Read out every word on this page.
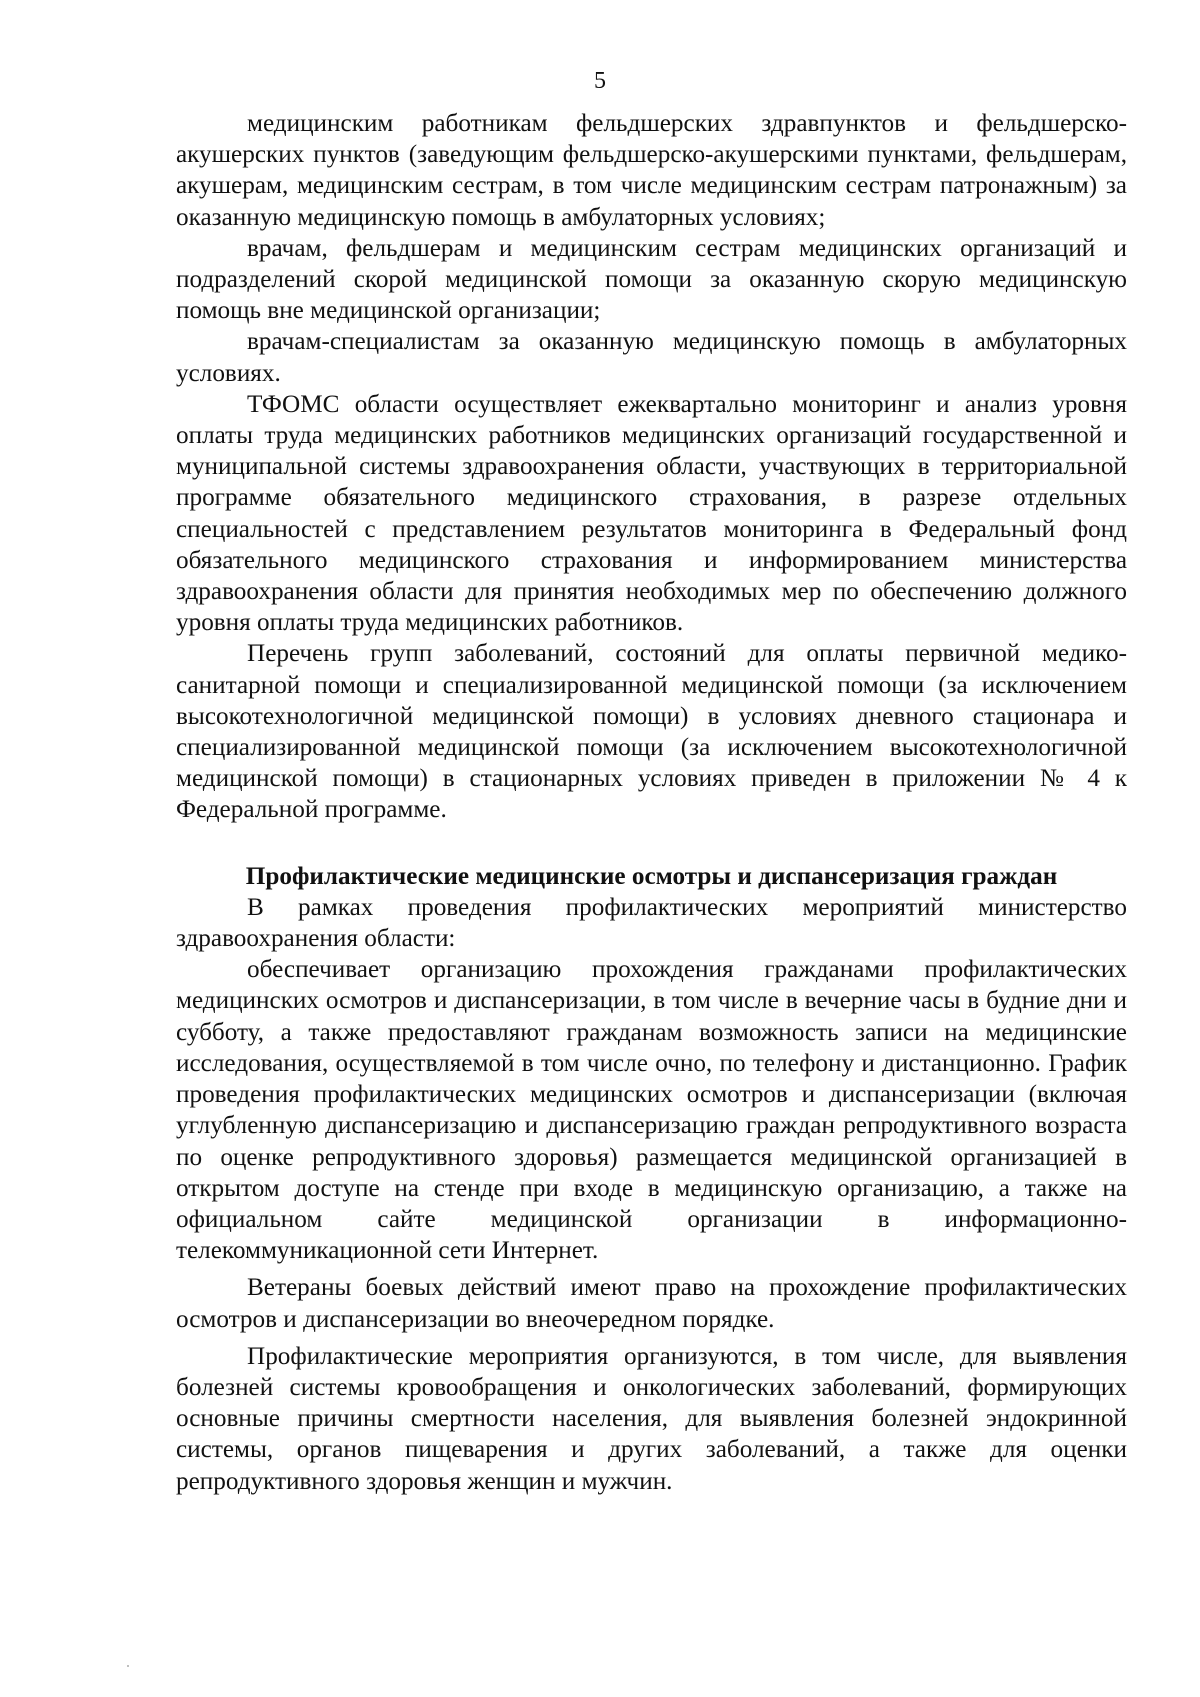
5

медицинским работникам фельдшерских здравпунктов и фельдшерско-акушерских пунктов (заведующим фельдшерско-акушерскими пунктами, фельдшерам, акушерам, медицинским сестрам, в том числе медицинским сестрам патронажным) за оказанную медицинскую помощь в амбулаторных условиях;

врачам, фельдшерам и медицинским сестрам медицинских организаций и подразделений скорой медицинской помощи за оказанную скорую медицинскую помощь вне медицинской организации;

врачам-специалистам за оказанную медицинскую помощь в амбулаторных условиях.

ТФОМС области осуществляет ежеквартально мониторинг и анализ уровня оплаты труда медицинских работников медицинских организаций государственной и муниципальной системы здравоохранения области, участвующих в территориальной программе обязательного медицинского страхования, в разрезе отдельных специальностей с представлением результатов мониторинга в Федеральный фонд обязательного медицинского страхования и информированием министерства здравоохранения области для принятия необходимых мер по обеспечению должного уровня оплаты труда медицинских работников.

Перечень групп заболеваний, состояний для оплаты первичной медико-санитарной помощи и специализированной медицинской помощи (за исключением высокотехнологичной медицинской помощи) в условиях дневного стационара и специализированной медицинской помощи (за исключением высокотехнологичной медицинской помощи) в стационарных условиях приведен в приложении № 4 к Федеральной программе.

Профилактические медицинские осмотры и диспансеризация граждан

В рамках проведения профилактических мероприятий министерство здравоохранения области:

обеспечивает организацию прохождения гражданами профилактических медицинских осмотров и диспансеризации, в том числе в вечерние часы в будние дни и субботу, а также предоставляют гражданам возможность записи на медицинские исследования, осуществляемой в том числе очно, по телефону и дистанционно. График проведения профилактических медицинских осмотров и диспансеризации (включая углубленную диспансеризацию и диспансеризацию граждан репродуктивного возраста по оценке репродуктивного здоровья) размещается медицинской организацией в открытом доступе на стенде при входе в медицинскую организацию, а также на официальном сайте медицинской организации в информационно-телекоммуникационной сети Интернет.

Ветераны боевых действий имеют право на прохождение профилактических осмотров и диспансеризации во внеочередном порядке.

Профилактические мероприятия организуются, в том числе, для выявления болезней системы кровообращения и онкологических заболеваний, формирующих основные причины смертности населения, для выявления болезней эндокринной системы, органов пищеварения и других заболеваний, а также для оценки репродуктивного здоровья женщин и мужчин.
